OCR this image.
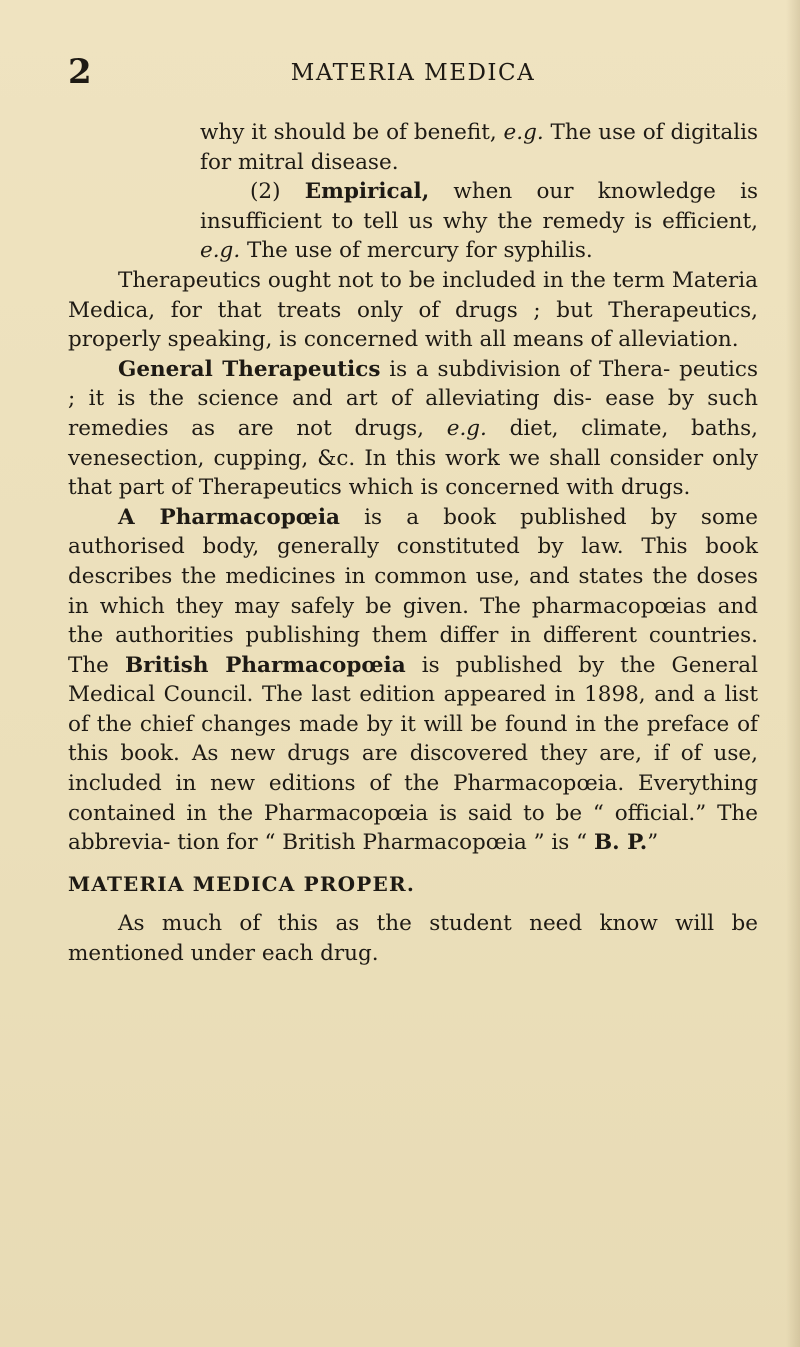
2	MATERIA MEDICA

why it should be of benefit, e.g. The use of digitalis for mitral disease.

(2) Empirical, when our knowledge is insufficient to tell us why the remedy is efficient, e.g. The use of mercury for syphilis.

Therapeutics ought not to be included in the term Materia Medica, for that treats only of drugs ; but Therapeutics, properly speaking, is concerned with all means of alleviation.

General Therapeutics is a subdivision of Thera- peutics ; it is the science and art of alleviating dis- ease by such remedies as are not drugs, e.g. diet, climate, baths, venesection, cupping, &c. In this work we shall consider only that part of Therapeutics which is concerned with drugs.

A Pharmacopœia is a book published by some authorised body, generally constituted by law. This book describes the medicines in common use, and states the doses in which they may safely be given. The pharmacopœias and the authorities publishing them differ in different countries. The British Pharmacopœia is published by the General Medical Council. The last edition appeared in 1898, and a list of the chief changes made by it will be found in the preface of this book. As new drugs are discovered they are, if of use, included in new editions of the Pharmacopœia. Everything contained in the Pharmacopœia is said to be “ official.” The abbrevia- tion for “ British Pharmacopœia ” is “ B. P.”

MATERIA MEDICA PROPER.

As much of this as the student need know will be mentioned under each drug.
